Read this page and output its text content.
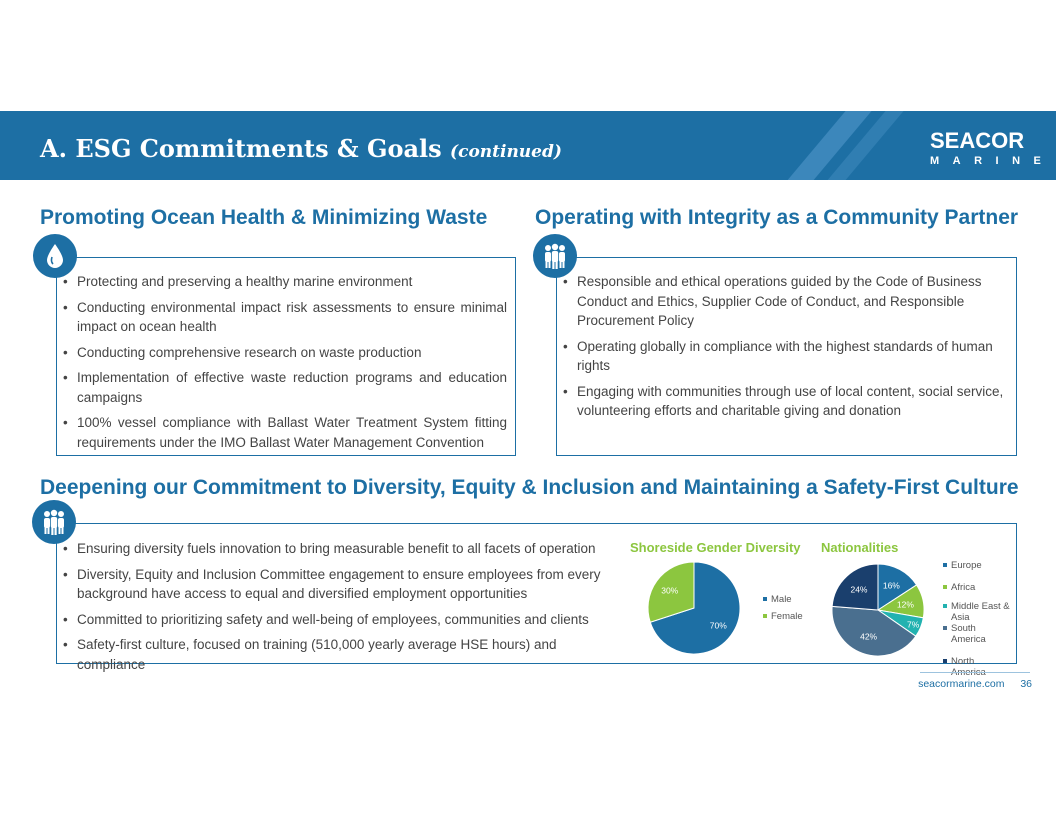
A. ESG Commitments & Goals (continued)	SEACOR
MARINE
Promoting Ocean Health & Minimizing Waste
• Protecting and preserving a healthy marine environment
• Conducting environmental impact risk assessments to ensure minimal impact on ocean health
• Conducting comprehensive research on waste production
• Implementation of effective waste reduction programs and education campaigns
• 100% vessel compliance with Ballast Water Treatment System fitting requirements under the IMO Ballast Water Management Convention
Operating with Integrity as a Community Partner
• Responsible and ethical operations guided by the Code of Business Conduct and Ethics, Supplier Code of Conduct, and Responsible Procurement Policy
• Operating globally in compliance with the highest standards of human rights
• Engaging with communities through use of local content, social service, volunteering efforts and charitable giving and donation
Deepening our Commitment to Diversity, Equity & Inclusion and Maintaining a Safety-First Culture
• Ensuring diversity fuels innovation to bring measurable benefit to all facets of operation
• Diversity, Equity and Inclusion Committee engagement to ensure employees from every background have access to equal and diversified employment opportunities
• Committed to prioritizing safety and well-being of employees, communities and clients
• Safety-first culture, focused on training (510,000 yearly average HSE hours) and compliance
Shoreside Gender Diversity
70%
30%
Male
Female
Nationalities
16%
12%
7%
42%
24%
Europe
Africa
Middle East & Asia
South America
North
seacormarine.com 36
